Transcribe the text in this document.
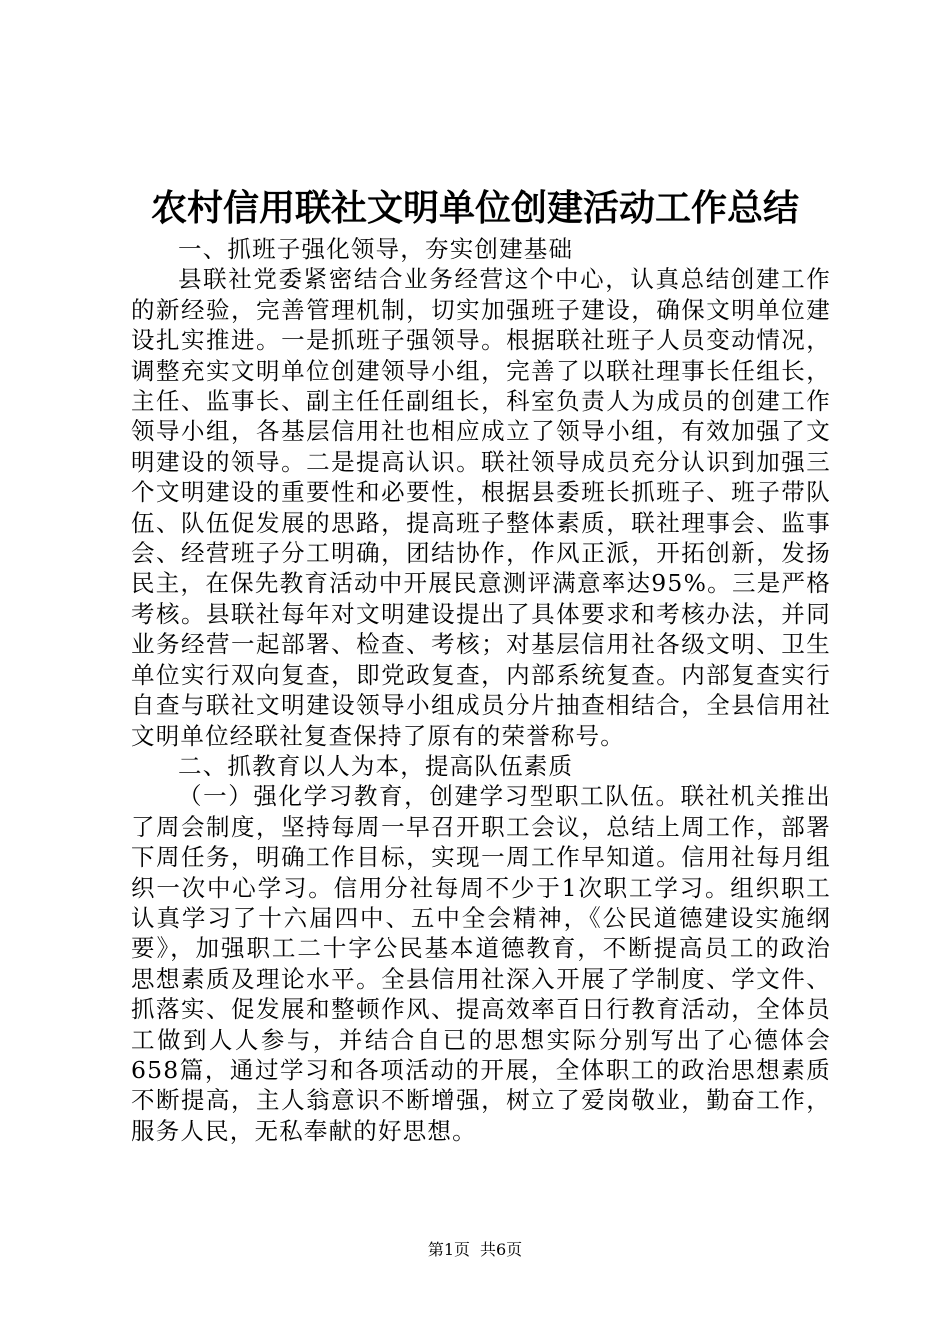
农村信用联社文明单位创建活动工作总结

一、抓班子强化领导，夯实创建基础

县联社党委紧密结合业务经营这个中心，认真总结创建工作的新经验，完善管理机制，切实加强班子建设，确保文明单位建设扎实推进。一是抓班子强领导。根据联社班子人员变动情况，调整充实文明单位创建领导小组，完善了以联社理事长任组长，主任、监事长、副主任任副组长，科室负责人为成员的创建工作领导小组，各基层信用社也相应成立了领导小组，有效加强了文明建设的领导。二是提高认识。联社领导成员充分认识到加强三个文明建设的重要性和必要性，根据县委班长抓班子、班子带队伍、队伍促发展的思路，提高班子整体素质，联社理事会、监事会、经营班子分工明确，团结协作，作风正派，开拓创新，发扬民主，在保先教育活动中开展民意测评满意率达95%。三是严格考核。县联社每年对文明建设提出了具体要求和考核办法，并同业务经营一起部署、检查、考核；对基层信用社各级文明、卫生单位实行双向复查，即党政复查，内部系统复查。内部复查实行自查与联社文明建设领导小组成员分片抽查相结合，全县信用社文明单位经联社复查保持了原有的荣誉称号。

二、抓教育以人为本，提高队伍素质

（一）强化学习教育，创建学习型职工队伍。联社机关推出了周会制度，坚持每周一早召开职工会议，总结上周工作，部署下周任务，明确工作目标，实现一周工作早知道。信用社每月组织一次中心学习。信用分社每周不少于1次职工学习。组织职工认真学习了十六届四中、五中全会精神，《公民道德建设实施纲要》，加强职工二十字公民基本道德教育，不断提高员工的政治思想素质及理论水平。全县信用社深入开展了学制度、学文件、抓落实、促发展和整顿作风、提高效率百日行教育活动，全体员工做到人人参与，并结合自已的思想实际分别写出了心德体会658篇，通过学习和各项活动的开展，全体职工的政治思想素质不断提高，主人翁意识不断增强，树立了爱岗敬业，勤奋工作，服务人民，无私奉献的好思想。

第1页 共6页
